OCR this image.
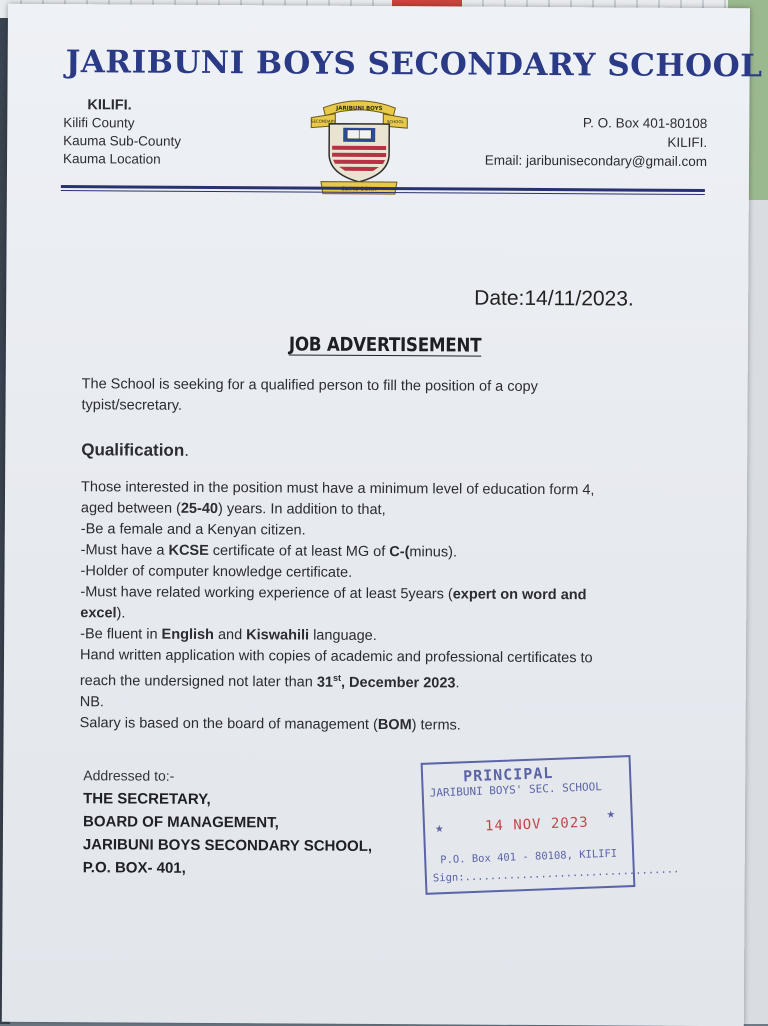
JARIBUNI BOYS SECONDARY SCHOOL
KILIFI.
Kilifi County
Kauma Sub-County
Kauma Location
JARIBUNI BOYS
SECONDARY	SCHOOL	P. O. Box 401-80108
KILIFI.
Email: jaribunisecondary@gmail.com
Date:14/11/2023.
JOB ADVERTISEMENT
The School is seeking for a qualified person to fill the position of a copy typist/secretary.
Qualification.
Those interested in the position must have a minimum level of education form 4,
aged between (25-40) years. In addition to that,
-Be a female and a Kenyan citizen.
-Must have a KCSE certificate of at least MG of C-(minus).
-Holder of computer knowledge certificate.
-Must have related working experience of at least 5years (expert on word and
excel).
-Be fluent in English and Kiswahili language.
Hand written application with copies of academic and professional certificates to
reach the undersigned not later than 31st, December 2023.
NB.
Salary is based on the board of management (BOM) terms.
Addressed to:-
THE SECRETARY,
BOARD OF MANAGEMENT,
JARIBUNI BOYS SECONDARY SCHOOL,
P.O. BOX- 401,
PRINCIPAL
JARIBUNI BOYS' SEC. SCHOOL
★	14 NOV 2023
★
P.O. Box 401 - 80108, KILIFI
Sign:..................................
